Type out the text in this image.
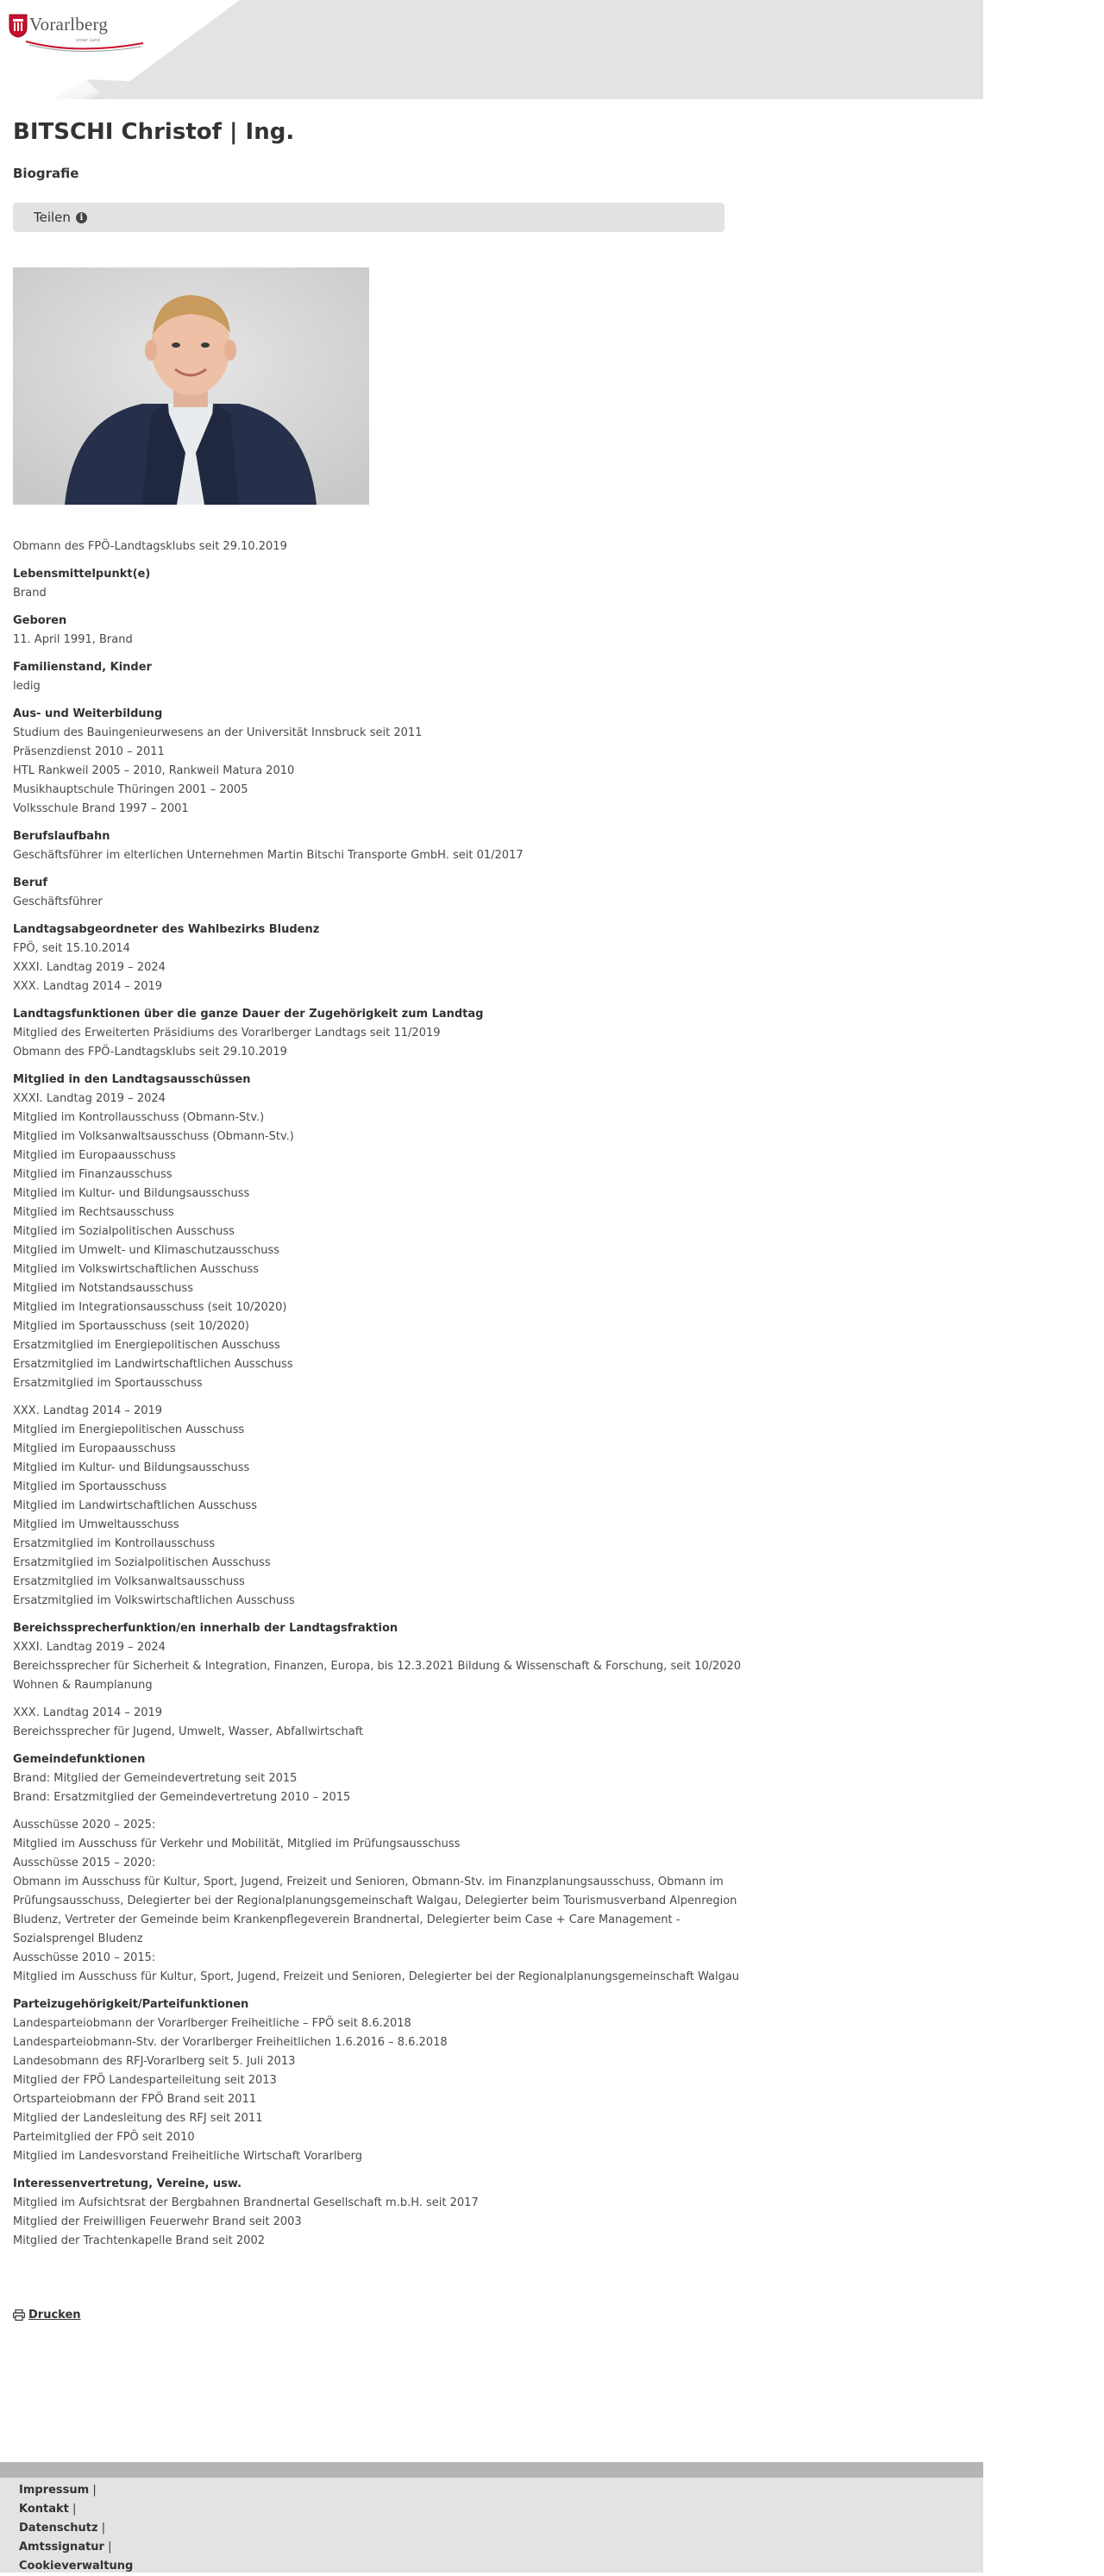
Vorarlberg
unser Land
BITSCHI Christof | Ing.
Biografie
Teilen	i

Obmann des FPÖ-Landtagsklubs seit 29.10.2019

Lebensmittelpunkt(e)

Brand

Geboren

11. April 1991, Brand

Familienstand, Kinder

ledig

Aus- und Weiterbildung

Studium des Bauingenieurwesens an der Universität Innsbruck seit 2011

Präsenzdienst 2010 – 2011

HTL Rankweil 2005 – 2010, Rankweil Matura 2010

Musikhauptschule Thüringen 2001 – 2005

Volksschule Brand 1997 – 2001

Berufslaufbahn

Geschäftsführer im elterlichen Unternehmen Martin Bitschi Transporte GmbH. seit 01/2017

Beruf

Geschäftsführer

Landtagsabgeordneter des Wahlbezirks Bludenz

FPÖ, seit 15.10.2014

XXXI. Landtag 2019 – 2024

XXX. Landtag 2014 – 2019

Landtagsfunktionen über die ganze Dauer der Zugehörigkeit zum Landtag

Mitglied des Erweiterten Präsidiums des Vorarlberger Landtags seit 11/2019

Obmann des FPÖ-Landtagsklubs seit 29.10.2019

Mitglied in den Landtagsausschüssen

XXXI. Landtag 2019 – 2024

Mitglied im Kontrollausschuss (Obmann-Stv.)

Mitglied im Volksanwaltsausschuss (Obmann-Stv.)

Mitglied im Europaausschuss

Mitglied im Finanzausschuss

Mitglied im Kultur- und Bildungsausschuss

Mitglied im Rechtsausschuss

Mitglied im Sozialpolitischen Ausschuss

Mitglied im Umwelt- und Klimaschutzausschuss

Mitglied im Volkswirtschaftlichen Ausschuss

Mitglied im Notstandsausschuss

Mitglied im Integrationsausschuss (seit 10/2020)

Mitglied im Sportausschuss (seit 10/2020)

Ersatzmitglied im Energiepolitischen Ausschuss

Ersatzmitglied im Landwirtschaftlichen Ausschuss

Ersatzmitglied im Sportausschuss

XXX. Landtag 2014 – 2019

Mitglied im Energiepolitischen Ausschuss

Mitglied im Europaausschuss

Mitglied im Kultur- und Bildungsausschuss

Mitglied im Sportausschuss

Mitglied im Landwirtschaftlichen Ausschuss

Mitglied im Umweltausschuss

Ersatzmitglied im Kontrollausschuss

Ersatzmitglied im Sozialpolitischen Ausschuss

Ersatzmitglied im Volksanwaltsausschuss

Ersatzmitglied im Volkswirtschaftlichen Ausschuss

Bereichssprecherfunktion/en innerhalb der Landtagsfraktion

XXXI. Landtag 2019 – 2024

Bereichssprecher für Sicherheit & Integration, Finanzen, Europa, bis 12.3.2021 Bildung & Wissenschaft & Forschung, seit 10/2020 Wohnen & Raumplanung

XXX. Landtag 2014 – 2019

Bereichssprecher für Jugend, Umwelt, Wasser, Abfallwirtschaft

Gemeindefunktionen

Brand: Mitglied der Gemeindevertretung seit 2015

Brand: Ersatzmitglied der Gemeindevertretung 2010 – 2015

Ausschüsse 2020 – 2025:

Mitglied im Ausschuss für Verkehr und Mobilität, Mitglied im Prüfungsausschuss

Ausschüsse 2015 – 2020:

Obmann im Ausschuss für Kultur, Sport, Jugend, Freizeit und Senioren, Obmann-Stv. im Finanzplanungsausschuss, Obmann im Prüfungsausschuss, Delegierter bei der Regionalplanungsgemeinschaft Walgau, Delegierter beim Tourismusverband Alpenregion Bludenz, Vertreter der Gemeinde beim Krankenpflegeverein Brandnertal, Delegierter beim Case + Care Management - Sozialsprengel Bludenz

Ausschüsse 2010 – 2015:

Mitglied im Ausschuss für Kultur, Sport, Jugend, Freizeit und Senioren, Delegierter bei der Regionalplanungsgemeinschaft Walgau

Parteizugehörigkeit/Parteifunktionen

Landesparteiobmann der Vorarlberger Freiheitliche – FPÖ seit 8.6.2018

Landesparteiobmann-Stv. der Vorarlberger Freiheitlichen 1.6.2016 – 8.6.2018

Landesobmann des RFJ-Vorarlberg seit 5. Juli 2013

Mitglied der FPÖ Landesparteileitung seit 2013

Ortsparteiobmann der FPÖ Brand seit 2011

Mitglied der Landesleitung des RFJ seit 2011

Parteimitglied der FPÖ seit 2010

Mitglied im Landesvorstand Freiheitliche Wirtschaft Vorarlberg

Interessenvertretung, Vereine, usw.

Mitglied im Aufsichtsrat der Bergbahnen Brandnertal Gesellschaft m.b.H. seit 2017

Mitglied der Freiwilligen Feuerwehr Brand seit 2003

Mitglied der Trachtenkapelle Brand seit 2002

Drucken
Impressum |
Kontakt |
Datenschutz |
Amtssignatur |
Cookieverwaltung
